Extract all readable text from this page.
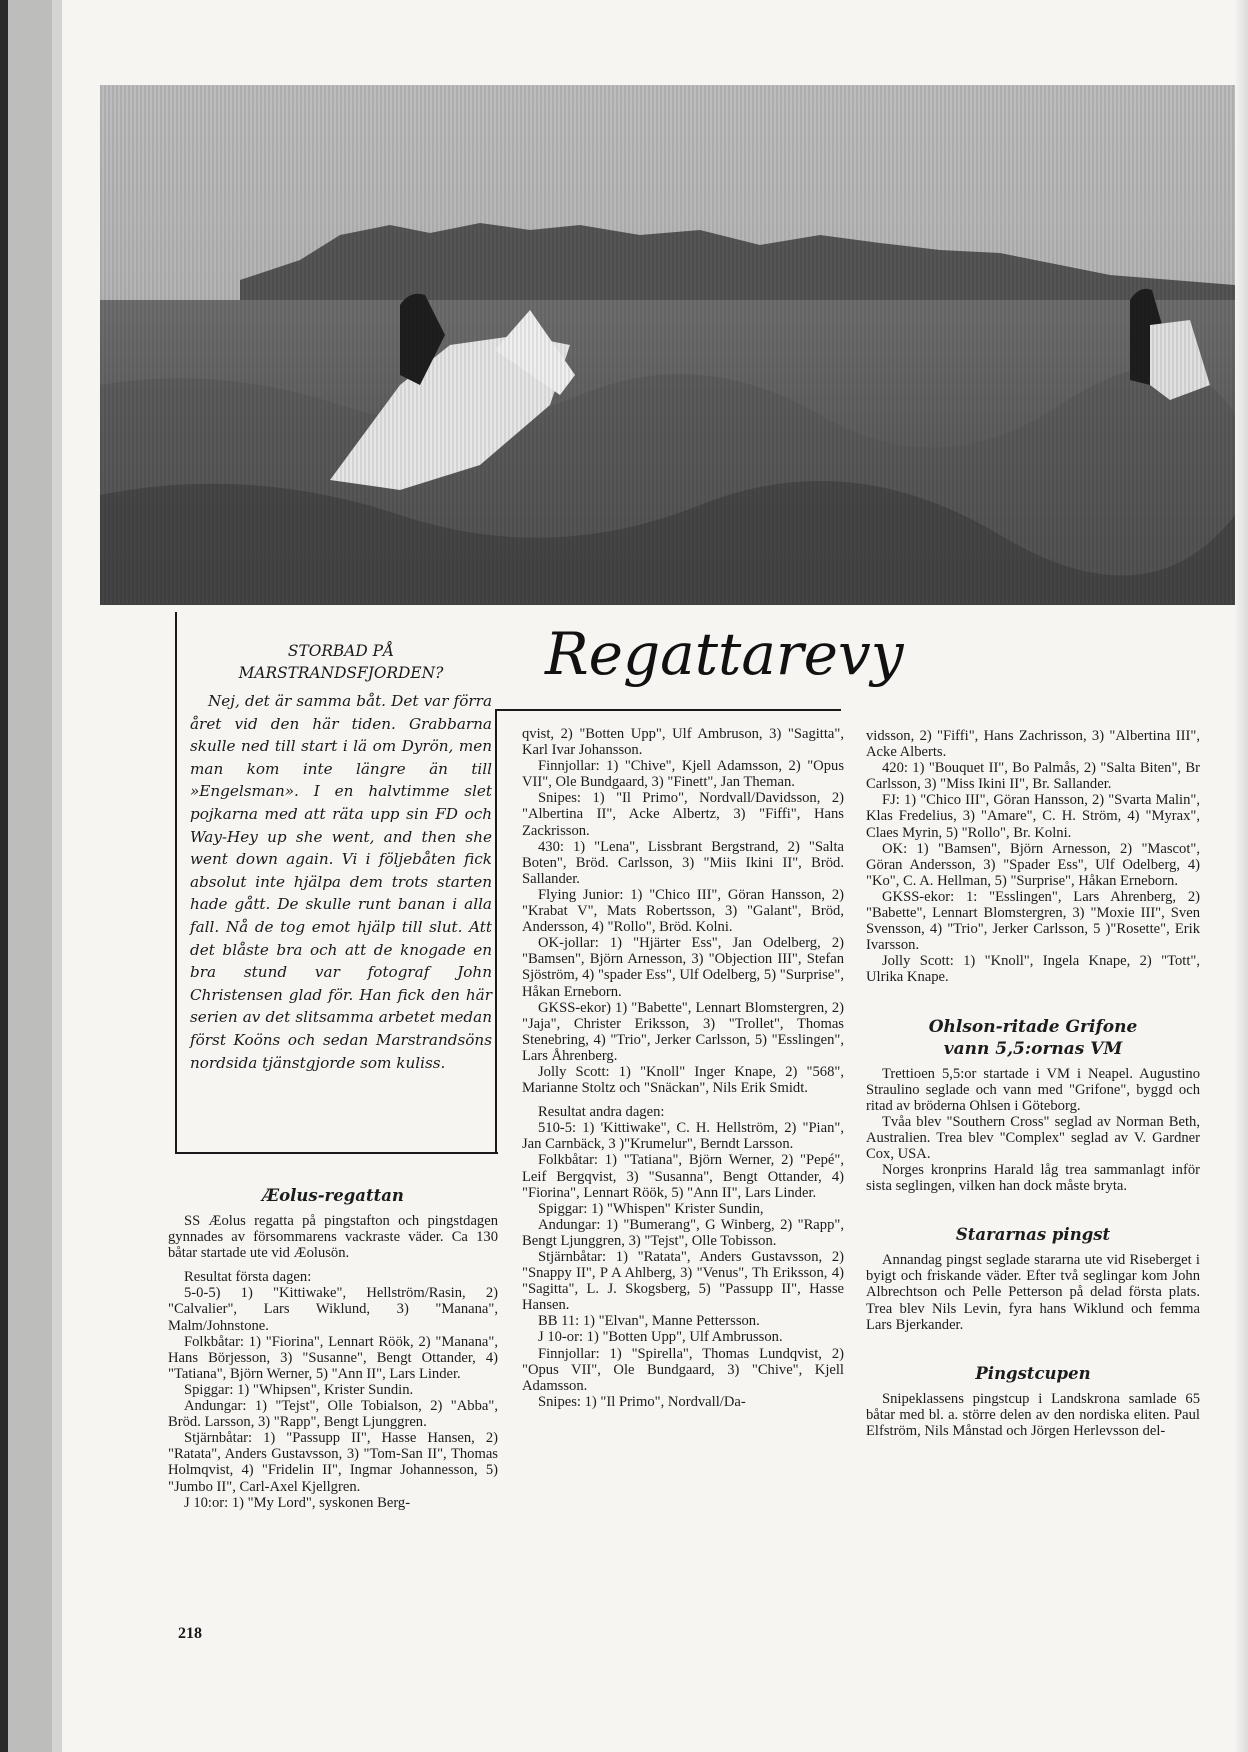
STORBAD PÅ
MARSTRANDSFJORDEN?

Nej, det är samma båt. Det var förra året vid den här tiden. Grabbarna skulle ned till start i lä om Dyrön, men man kom inte längre än till »Engelsman». I en halvtimme slet pojkarna med att räta upp sin FD och Way-Hey up she went, and then she went down again. Vi i följebåten fick absolut inte hjälpa dem trots starten hade gått. De skulle runt banan i alla fall. Nå de tog emot hjälp till slut. Att det blåste bra och att de knogade en bra stund var fotograf John Christensen glad för. Han fick den här serien av det slitsamma arbetet medan först Koöns och sedan Marstrandsöns nordsida tjänstgjorde som kuliss.

Regattarevy
Æolus-regattan

SS Æolus regatta på pingstafton och pingstdagen gynnades av försommarens vackraste väder. Ca 130 båtar startade ute vid Æolusön.

Resultat första dagen:

5-0-5) 1) "Kittiwake", Hellström/Rasin, 2) "Calvalier", Lars Wiklund, 3) "Manana", Malm/Johnstone.

Folkbåtar: 1) "Fiorina", Lennart Röök, 2) "Manana", Hans Börjesson, 3) "Susanne", Bengt Ottander, 4) "Tatiana", Björn Werner, 5) "Ann II", Lars Linder.

Spiggar: 1) "Whipsen", Krister Sundin.

Andungar: 1) "Tejst", Olle Tobialson, 2) "Abba", Bröd. Larsson, 3) "Rapp", Bengt Ljunggren.

Stjärnbåtar: 1) "Passupp II", Hasse Hansen, 2) "Ratata", Anders Gustavsson, 3) "Tom-San II", Thomas Holmqvist, 4) "Fridelin II", Ingmar Johannesson, 5) "Jumbo II", Carl-Axel Kjellgren.

J 10:or: 1) "My Lord", syskonen Berg-

qvist, 2) "Botten Upp", Ulf Ambruson, 3) "Sagitta", Karl Ivar Johansson.

Finnjollar: 1) "Chive", Kjell Adamsson, 2) "Opus VII", Ole Bundgaard, 3) "Finett", Jan Theman.

Snipes: 1) "Il Primo", Nordvall/Davidsson, 2) "Albertina II", Acke Albertz, 3) "Fiffi", Hans Zackrisson.

430: 1) "Lena", Lissbrant Bergstrand, 2) "Salta Boten", Bröd. Carlsson, 3) "Miis Ikini II", Bröd. Sallander.

Flying Junior: 1) "Chico III", Göran Hansson, 2) "Krabat V", Mats Robertsson, 3) "Galant", Bröd, Andersson, 4) "Rollo", Bröd. Kolni.

OK-jollar: 1) "Hjärter Ess", Jan Odelberg, 2) "Bamsen", Björn Arnesson, 3) "Objection III", Stefan Sjöström, 4) "spader Ess", Ulf Odelberg, 5) "Surprise", Håkan Erneborn.

GKSS-ekor) 1) "Babette", Lennart Blomstergren, 2) "Jaja", Christer Eriksson, 3) "Trollet", Thomas Stenebring, 4) "Trio", Jerker Carlsson, 5) "Esslingen", Lars Åhrenberg.

Jolly Scott: 1) "Knoll" Inger Knape, 2) "568", Marianne Stoltz och "Snäckan", Nils Erik Smidt.

Resultat andra dagen:

510-5: 1) 'Kittiwake", C. H. Hellström, 2) "Pian", Jan Carnbäck, 3 )"Krumelur", Berndt Larsson.

Folkbåtar: 1) "Tatiana", Björn Werner, 2) "Pepé", Leif Bergqvist, 3) "Susanna", Bengt Ottander, 4) "Fiorina", Lennart Röök, 5) "Ann II", Lars Linder.

Spiggar: 1) "Whispen" Krister Sundin,

Andungar: 1) "Bumerang", G Winberg, 2) "Rapp", Bengt Ljunggren, 3) "Tejst", Olle Tobisson.

Stjärnbåtar: 1) "Ratata", Anders Gustavsson, 2) "Snappy II", P A Ahlberg, 3) "Venus", Th Eriksson, 4) "Sagitta", L. J. Skogsberg, 5) "Passupp II", Hasse Hansen.

BB 11: 1) "Elvan", Manne Pettersson.

J 10-or: 1) "Botten Upp", Ulf Ambrusson.

Finnjollar: 1) "Spirella", Thomas Lundqvist, 2) "Opus VII", Ole Bundgaard, 3) "Chive", Kjell Adamsson.

Snipes: 1) "Il Primo", Nordvall/Da-

vidsson, 2) "Fiffi", Hans Zachrisson, 3) "Albertina III", Acke Alberts.

420: 1) "Bouquet II", Bo Palmås, 2) "Salta Biten", Br Carlsson, 3) "Miss Ikini II", Br. Sallander.

FJ: 1) "Chico III", Göran Hansson, 2) "Svarta Malin", Klas Fredelius, 3) "Amare", C. H. Ström, 4) "Myrax", Claes Myrin, 5) "Rollo", Br. Kolni.

OK: 1) "Bamsen", Björn Arnesson, 2) "Mascot", Göran Andersson, 3) "Spader Ess", Ulf Odelberg, 4) "Ko", C. A. Hellman, 5) "Surprise", Håkan Erneborn.

GKSS-ekor: 1: "Esslingen", Lars Ahrenberg, 2) "Babette", Lennart Blomstergren, 3) "Moxie III", Sven Svensson, 4) "Trio", Jerker Carlsson, 5 )"Rosette", Erik Ivarsson.

Jolly Scott: 1) "Knoll", Ingela Knape, 2) "Tott", Ulrika Knape.

Ohlson-ritade Grifone
vann 5,5:ornas VM

Trettioen 5,5:or startade i VM i Neapel. Augustino Straulino seglade och vann med "Grifone", byggd och ritad av bröderna Ohlsen i Göteborg.

Tvåa blev "Southern Cross" seglad av Norman Beth, Australien. Trea blev "Complex" seglad av V. Gardner Cox, USA.

Norges kronprins Harald låg trea sammanlagt inför sista seglingen, vilken han dock måste bryta.

Stararnas pingst

Annandag pingst seglade stararna ute vid Riseberget i byigt och friskande väder. Efter två seglingar kom John Albrechtson och Pelle Petterson på delad första plats. Trea blev Nils Levin, fyra hans Wiklund och femma Lars Bjerkander.

Pingstcupen

Snipeklassens pingstcup i Landskrona samlade 65 båtar med bl. a. större delen av den nordiska eliten. Paul Elfström, Nils Månstad och Jörgen Herlevsson del-

218
